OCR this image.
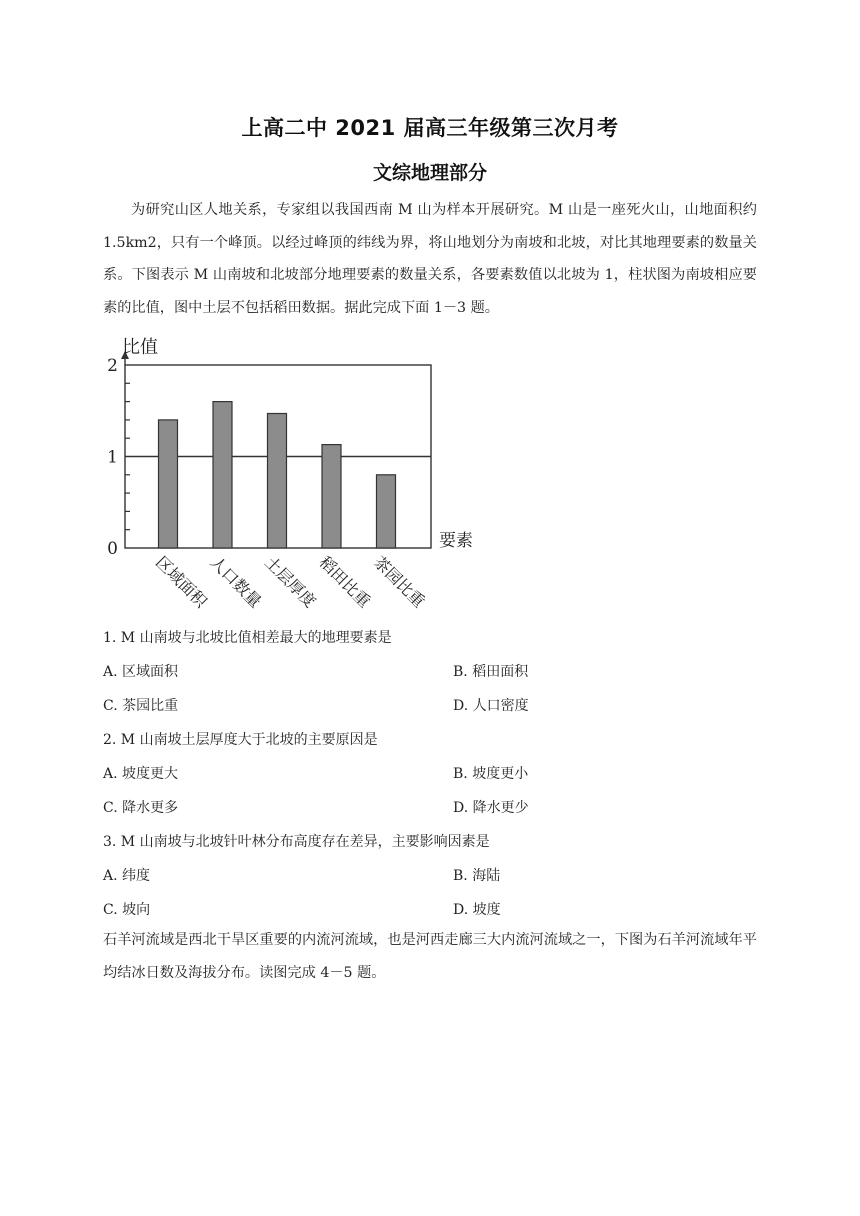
上高二中 2021 届高三年级第三次月考
文综地理部分
为研究山区人地关系，专家组以我国西南 M 山为样本开展研究。M 山是一座死火山，山地面积约 1.5km2，只有一个峰顶。以经过峰顶的纬线为界，将山地划分为南坡和北坡，对比其地理要素的数量关系。下图表示 M 山南坡和北坡部分地理要素的数量关系，各要素数值以北坡为 1，柱状图为南坡相应要素的比值，图中土层不包括稻田数据。据此完成下面 1－3 题。
0
1
2
比值
要素
区域面积
人口数量
土层厚度
稻田比重
茶园比重
1. M 山南坡与北坡比值相差最大的地理要素是
A. 区域面积	B. 稻田面积
C. 茶园比重	D. 人口密度
2. M 山南坡土层厚度大于北坡的主要原因是
A. 坡度更大	B. 坡度更小
C. 降水更多	D. 降水更少
3. M 山南坡与北坡针叶林分布高度存在差异，主要影响因素是
A. 纬度	B. 海陆
C. 坡向	D. 坡度
石羊河流域是西北干旱区重要的内流河流域，也是河西走廊三大内流河流域之一，下图为石羊河流域年平均结冰日数及海拔分布。读图完成 4－5 题。
